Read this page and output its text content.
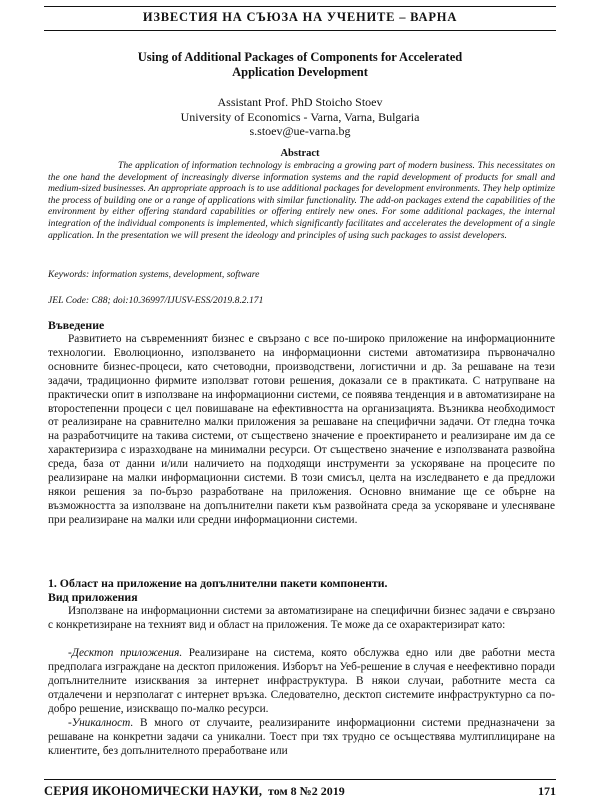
ИЗВЕСТИЯ НА СЪЮЗА НА УЧЕНИТЕ – ВАРНА
Using of Additional Packages of Components for Accelerated
Application Development
Assistant Prof. PhD Stoicho Stoev
University of Economics - Varna, Varna, Bulgaria
s.stoev@ue-varna.bg
Abstract

The application of information technology is embracing a growing part of modern business. This necessitates on the one hand the development of increasingly diverse information systems and the rapid development of products for small and medium-sized businesses. An appropriate approach is to use additional packages for development environments. They help optimize the process of building one or a range of applications with similar functionality. The add-on packages extend the capabilities of the environment by either offering standard capabilities or offering entirely new ones. For some additional packages, the internal integration of the individual components is implemented, which significantly facilitates and accelerates the development of a single application. In the presentation we will present the ideology and principles of using such packages to assist developers.

Keywords: information systems, development, software

JEL Code: C88; doi:10.36997/IJUSV-ESS/2019.8.2.171

Въведение

Развитието на съвременният бизнес е свързано с все по-широко приложение на информационните технологии. Еволюционно, използването на информационни системи автоматизира първоначално основните бизнес-процеси, като счетоводни, производствени, логистични и др. За решаване на тези задачи, традиционно фирмите използват готови решения, доказали се в практиката. С натрупване на практически опит в използване на информационни системи, се появява тенденция и в автоматизиране на второстепенни процеси с цел повишаване на ефективността на организацията. Възниква необходимост от реализиране на сравнително малки приложения за решаване на специфични задачи. От гледна точка на разработчиците на такива системи, от съществено значение е проектирането и реализиране им да се характеризира с изразходване на минимални ресурси. От съществено значение е използваната развойна среда, база от данни и/или наличието на подходящи инструменти за ускоряване на процесите по реализиране на малки информационни системи. В този смисъл, целта на изследването е да предложи някои решения за по-бързо разработване на приложения. Основно внимание ще се обърне на възможността за използване на допълнителни пакети към развойната среда за ускоряване и улесняване при реализиране на малки или средни информационни системи.

1. Област на приложение на допълнителни пакети компоненти.

Вид приложения

Използване на информационни системи за автоматизиране на специфични бизнес задачи е свързано с конкретизиране на техният вид и област на приложения. Те може да се охарактеризират като:

-Десктоп приложения. Реализиране на система, която обслужва едно или две работни места предполага изграждане на десктоп приложения. Изборът на Уеб-решение в случая е неефективно поради допълнителните изисквания за интернет инфраструктура. В някои случаи, работните места са отдалечени и нерзполагат с интернет връзка. Следователно, десктоп системите инфраструктурно са по-добро решение, изискващо по-малко ресурси.

-Уникалност. В много от случаите, реализираните информационни системи предназначени за решаване на конкретни задачи са уникални. Тоест при тях трудно се осъществява мултиплициране на клиентите, без допълнителното преработване или

СЕРИЯ ИКОНОМИЧЕСКИ НАУКИ, том 8 №2 2019	171
